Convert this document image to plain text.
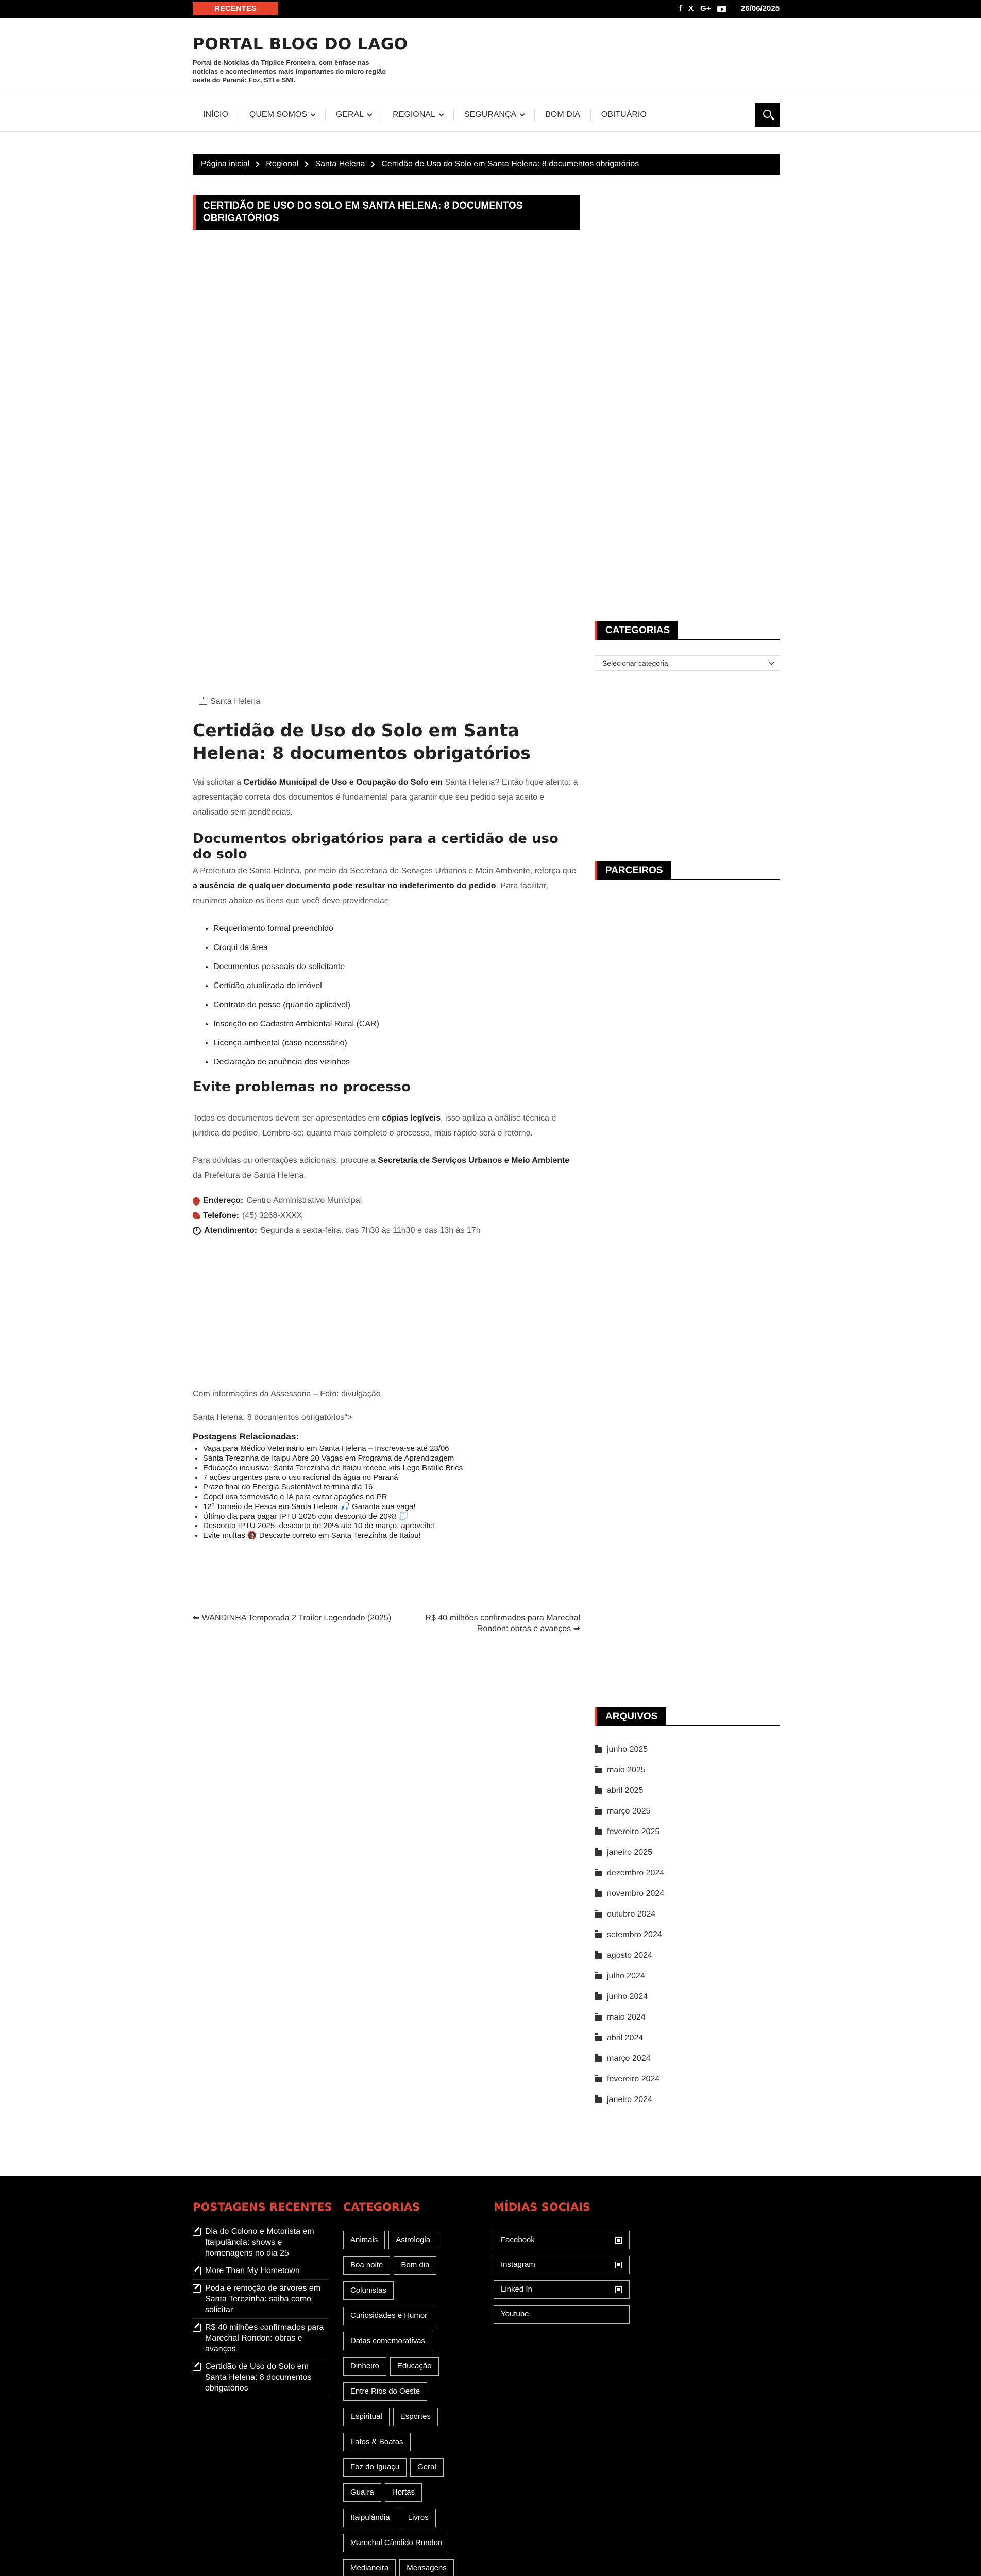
RECENTES	f X G+	26/06/2025
PORTAL BLOG DO LAGO
Portal de Notícias da Tríplice Fronteira, com ênfase nas notícias e acontecimentos mais importantes do micro região oeste do Paraná: Foz, STI e SMI.
INÍCIO	QUEM SOMOS	GERAL	REGIONAL	SEGURANÇA	BOM DIA	OBITUÁRIO
Página inicial Regional Santa Helena Certidão de Uso do Solo em Santa Helena: 8 documentos obrigatórios
CERTIDÃO DE USO DO SOLO EM SANTA HELENA: 8 DOCUMENTOS OBRIGATÓRIOS
Santa Helena
Certidão de Uso do Solo em Santa Helena: 8 documentos obrigatórios

Vai solicitar a Certidão Municipal de Uso e Ocupação do Solo em Santa Helena? Então fique atento: a apresentação correta dos documentos é fundamental para garantir que seu pedido seja aceito e analisado sem pendências.

Documentos obrigatórios para a certidão de uso do solo

A Prefeitura de Santa Helena, por meio da Secretaria de Serviços Urbanos e Meio Ambiente, reforça que a ausência de qualquer documento pode resultar no indeferimento do pedido. Para facilitar, reunimos abaixo os itens que você deve providenciar:

• Requerimento formal preenchido
• Croqui da área
• Documentos pessoais do solicitante
• Certidão atualizada do imóvel
• Contrato de posse (quando aplicável)
• Inscrição no Cadastro Ambiental Rural (CAR)
• Licença ambiental (caso necessário)
• Declaração de anuência dos vizinhos
Evite problemas no processo

Todos os documentos devem ser apresentados em cópias legíveis, isso agiliza a análise técnica e jurídica do pedido. Lembre-se: quanto mais completo o processo, mais rápido será o retorno.

Para dúvidas ou orientações adicionais, procure a Secretaria de Serviços Urbanos e Meio Ambiente da Prefeitura de Santa Helena.

Endereço: Centro Administrativo Municipal
Telefone: (45) 3268-XXXX
Atendimento: Segunda a sexta-feira, das 7h30 às 11h30 e das 13h às 17h

Com informações da Assessoria – Foto: divulgação

Santa Helena: 8 documentos obrigatórios">

Postagens Relacionadas:
• Vaga para Médico Veterinário em Santa Helena – Inscreva-se até 23/06
• Santa Terezinha de Itaipu Abre 20 Vagas em Programa de Aprendizagem
• Educação inclusiva: Santa Terezinha de Itaipu recebe kits Lego Braille Brics
• 7 ações urgentes para o uso racional da água no Paraná
• Prazo final do Energia Sustentável termina dia 16
• Copel usa termovisão e IA para evitar apagões no PR
• 12º Torneio de Pesca em Santa Helena 🎣 Garanta sua vaga!
• Último dia para pagar IPTU 2025 com desconto de 20%! 🧾
• Desconto IPTU 2025: desconto de 20% até 10 de março, aproveite!
• Evite multas 🚯 Descarte correto em Santa Terezinha de Itaipu!
⬅ WANDINHA Temporada 2 Trailer Legendado (2025)	R$ 40 milhões confirmados para Marechal Rondon: obras e avanços ➡
CATEGORIAS
Selecionar categoria
PARCEIROS
ARQUIVOS
junho 2025
maio 2025
abril 2025
março 2025
fevereiro 2025
janeiro 2025
dezembro 2024
novembro 2024
outubro 2024
setembro 2024
agosto 2024
julho 2024
junho 2024
maio 2024
abril 2024
março 2024
fevereiro 2024
janeiro 2024
POSTAGENS RECENTES CATEGORIAS	MÍDIAS SOCIAIS
Dia do Colono e Motorista em Itaipulândia: shows e homenagens no dia 25
More Than My Hometown
Poda e remoção de árvores em Santa Terezinha: saiba como solicitar
R$ 40 milhões confirmados para Marechal Rondon: obras e avanços
Certidão de Uso do Solo em Santa Helena: 8 documentos obrigatórios
Animais	Astrologia
Boa noite	Bom dia
Colunistas
Curiosidades e Humor
Datas comemorativas
Dinheiro	Educação
Entre Rios do Oeste
Espiritual	Esportes
Fatos & Boatos
Foz do Iguaçu	Geral
Guaíra	Hortas
Itaipulândia	Livros
Marechal Cândido Rondon
Medianeira	Mensagens
Facebook
Instagram
Linked In
Youtube
